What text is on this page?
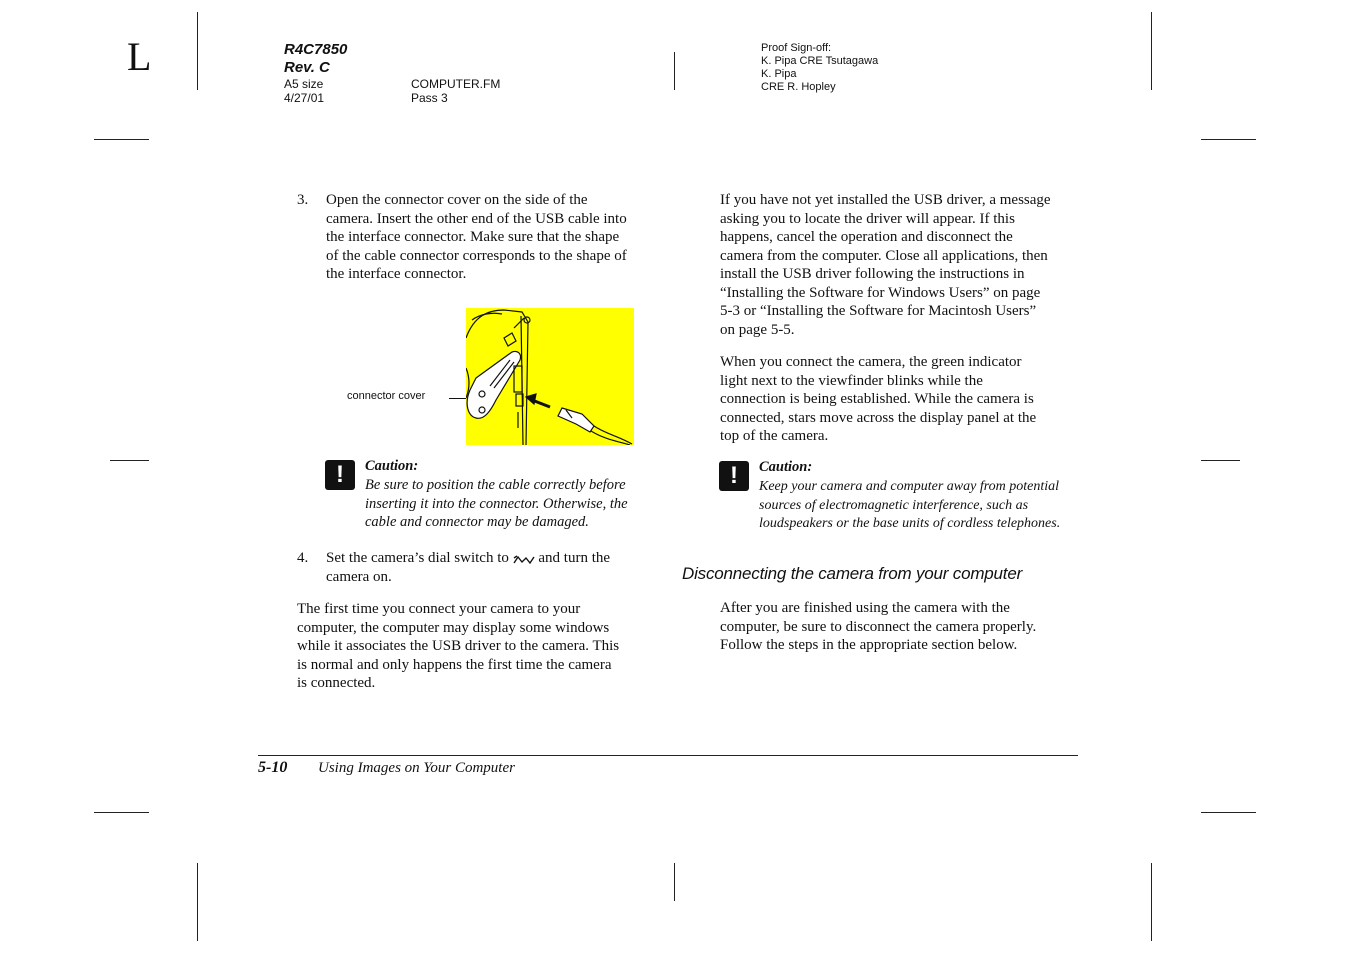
L	R4C7850
Rev. C
A5 size
4/27/01
COMPUTER.FM
Pass 3
Proof Sign-off:
K. Pipa CRE Tsutagawa
K. Pipa
CRE R. Hopley
3. Open the connector cover on the side of the
camera. Insert the other end of the USB cable into
the interface connector. Make sure that the shape
of the cable connector corresponds to the shape of
the interface connector.
connector cover
!	Caution:
Be sure to position the cable correctly before
inserting it into the connector. Otherwise, the
cable and connector may be damaged.
4. Set the camera’s dial switch to and turn the
camera on.
The first time you connect your camera to your
computer, the computer may display some windows
while it associates the USB driver to the camera. This
is normal and only happens the first time the camera
is connected.
If you have not yet installed the USB driver, a message
asking you to locate the driver will appear. If this
happens, cancel the operation and disconnect the
camera from the computer. Close all applications, then
install the USB driver following the instructions in
“Installing the Software for Windows Users” on page
5-3 or “Installing the Software for Macintosh Users”
on page 5-5.
When you connect the camera, the green indicator
light next to the viewfinder blinks while the
connection is being established. While the camera is
connected, stars move across the display panel at the
top of the camera.
!	Caution:
Keep your camera and computer away from potential
sources of electromagnetic interference, such as
loudspeakers or the base units of cordless telephones.
Disconnecting the camera from your computer
After you are finished using the camera with the
computer, be sure to disconnect the camera properly.
Follow the steps in the appropriate section below.
5-10 Using Images on Your Computer
